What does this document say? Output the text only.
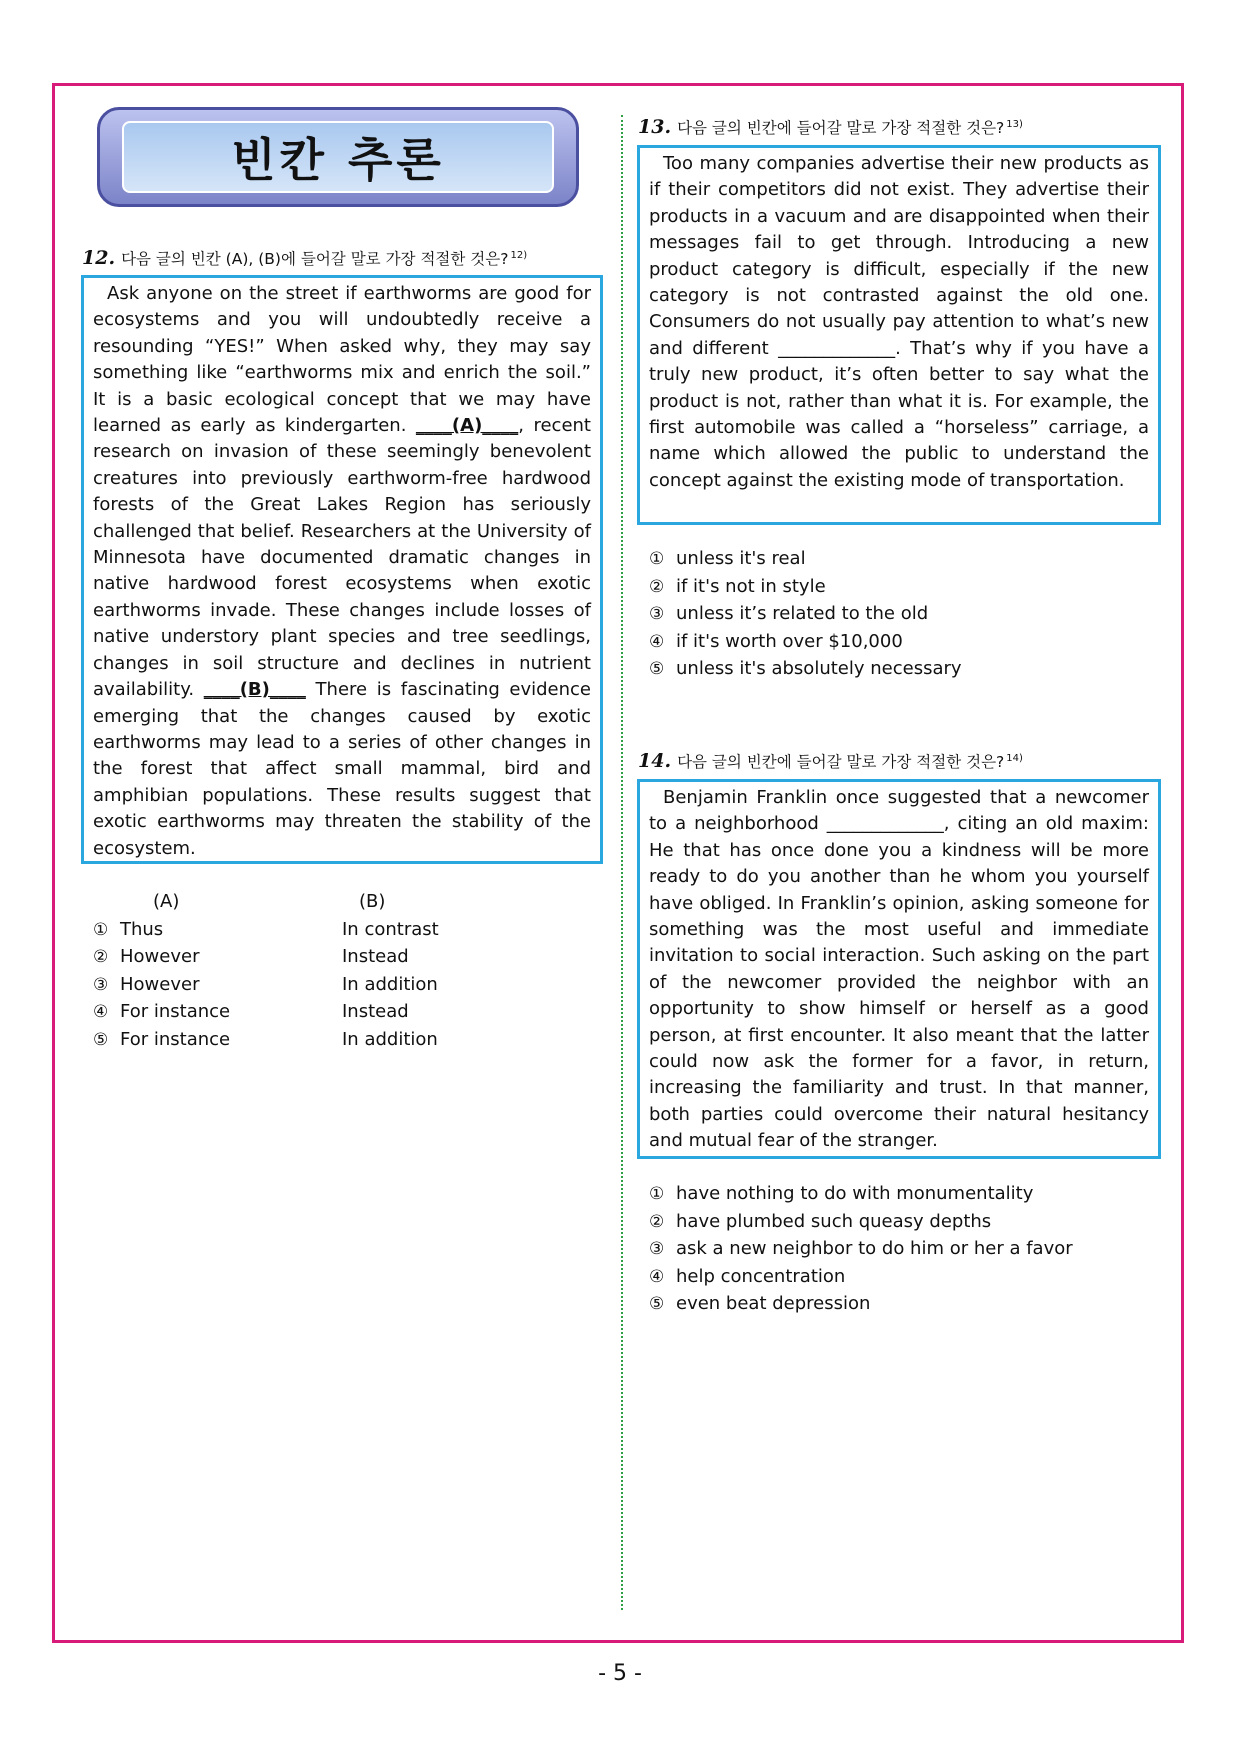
빈칸 추론
12. 다음 글의 빈칸 (A), (B)에 들어갈 말로 가장 적절한 것은? $^{12)}$

Ask anyone on the street if earthworms are good for ecosystems and you will undoubtedly receive a resounding “YES!” When asked why, they may say something like “earthworms mix and enrich the soil.” It is a basic ecological concept that we may have learned as early as kindergarten. ____(A)____, recent research on invasion of these seemingly benevolent creatures into previously earthworm-free hardwood forests of the Great Lakes Region has seriously challenged that belief. Researchers at the University of Minnesota have documented dramatic changes in native hardwood forest ecosystems when exotic earthworms invade. These changes include losses of native understory plant species and tree seedlings, changes in soil structure and declines in nutrient availability. ____(B)____ There is fascinating evidence emerging that the changes caused by exotic earthworms may lead to a series of other changes in the forest that affect small mammal, bird and amphibian populations. These results suggest that exotic earthworms may threaten the stability of the ecosystem.

(A)	(B)
① Thus	In contrast
② However	Instead
③ However	In addition
④ For instance	Instead
⑤ For instance	In addition
13. 다음 글의 빈칸에 들어갈 말로 가장 적절한 것은? $^{13)}$

Too many companies advertise their new products as if their competitors did not exist. They advertise their products in a vacuum and are disappointed when their messages fail to get through. Introducing a new product category is difficult, especially if the new category is not contrasted against the old one. Consumers do not usually pay attention to what’s new and different _____________. That’s why if you have a truly new product, it’s often better to say what the product is not, rather than what it is. For example, the first automobile was called a “horseless” carriage, a name which allowed the public to understand the concept against the existing mode of transportation.

① unless it's real
② if it's not in style
③ unless it’s related to the old
④ if it's worth over $10,000
⑤ unless it's absolutely necessary
14. 다음 글의 빈칸에 들어갈 말로 가장 적절한 것은? $^{14)}$

Benjamin Franklin once suggested that a newcomer to a neighborhood _____________, citing an old maxim: He that has once done you a kindness will be more ready to do you another than he whom you yourself have obliged. In Franklin’s opinion, asking someone for something was the most useful and immediate invitation to social interaction. Such asking on the part of the newcomer provided the neighbor with an opportunity to show himself or herself as a good person, at first encounter. It also meant that the latter could now ask the former for a favor, in return, increasing the familiarity and trust. In that manner, both parties could overcome their natural hesitancy and mutual fear of the stranger.

① have nothing to do with monumentality
② have plumbed such queasy depths
③ ask a new neighbor to do him or her a favor
④ help concentration
⑤ even beat depression
- 5 -
